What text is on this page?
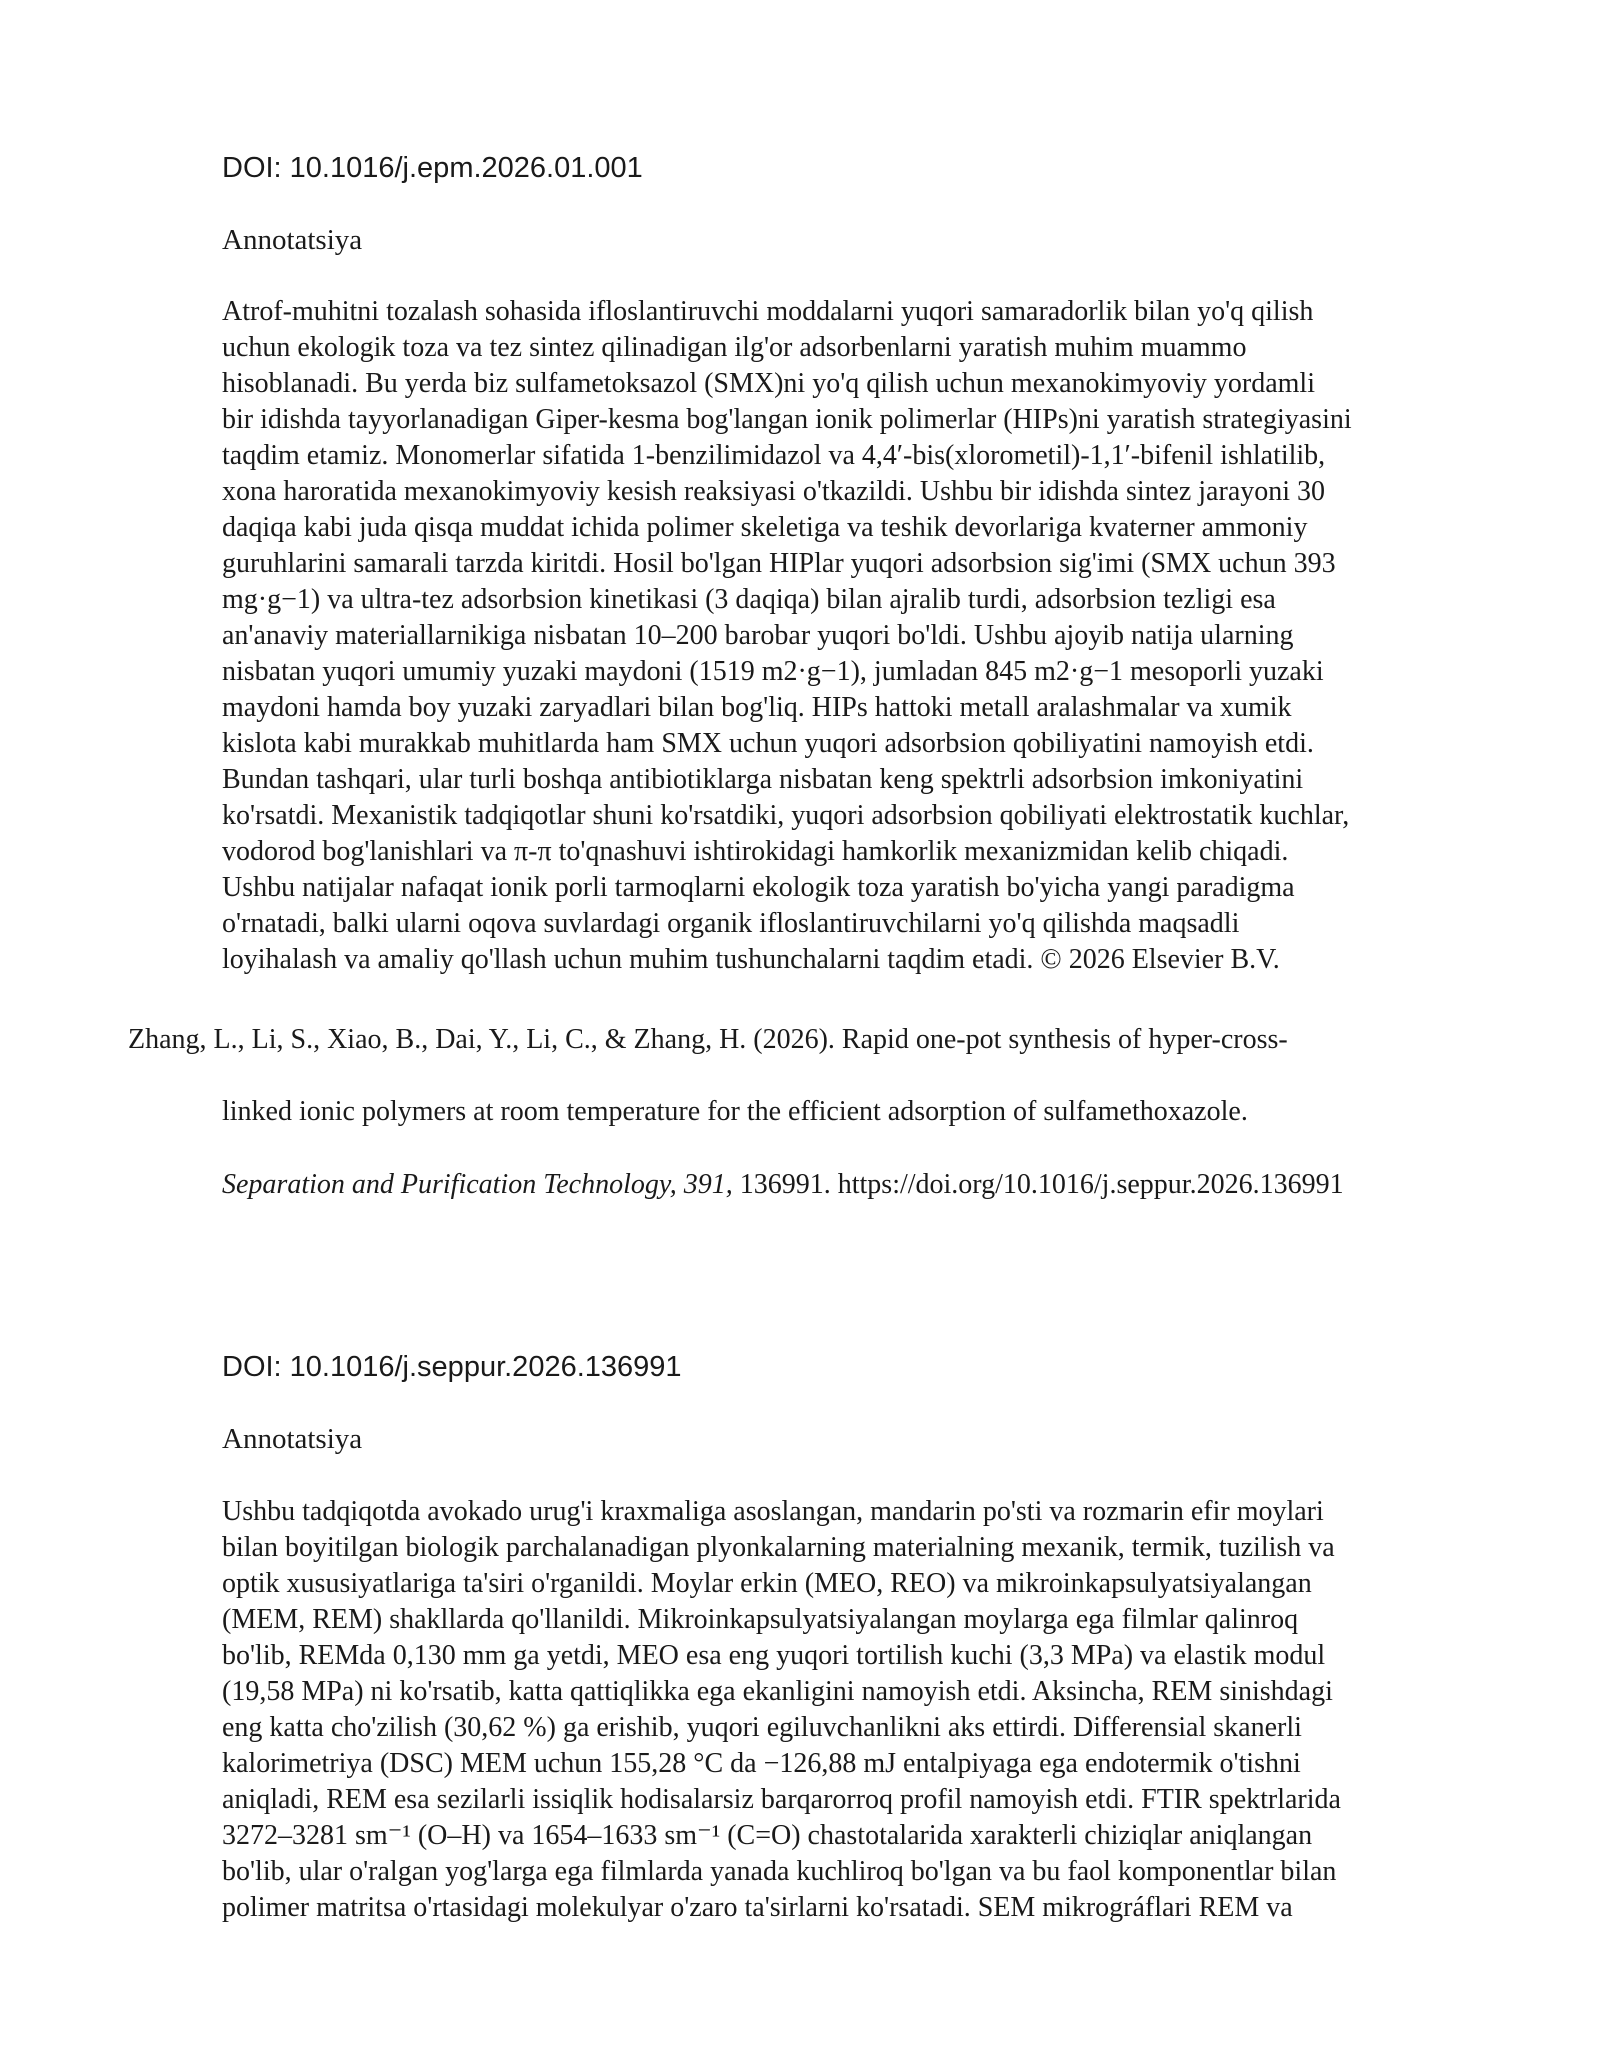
DOI: 10.1016/j.epm.2026.01.001
Annotatsiya
Atrof-muhitni tozalash sohasida ifloslantiruvchi moddalarni yuqori samaradorlik bilan yo'q qilish
uchun ekologik toza va tez sintez qilinadigan ilg'or adsorbenlarni yaratish muhim muammo
hisoblanadi. Bu yerda biz sulfametoksazol (SMX)ni yo'q qilish uchun mexanokimyoviy yordamli
bir idishda tayyorlanadigan Giper-kesma bog'langan ionik polimerlar (HIPs)ni yaratish strategiyasini
taqdim etamiz. Monomerlar sifatida 1-benzilimidazol va 4,4′-bis(xlorometil)-1,1′-bifenil ishlatilib,
xona haroratida mexanokimyoviy kesish reaksiyasi o'tkazildi. Ushbu bir idishda sintez jarayoni 30
daqiqa kabi juda qisqa muddat ichida polimer skeletiga va teshik devorlariga kvaterner ammoniy
guruhlarini samarali tarzda kiritdi. Hosil bo'lgan HIPlar yuqori adsorbsion sig'imi (SMX uchun 393
mg·g−1) va ultra-tez adsorbsion kinetikasi (3 daqiqa) bilan ajralib turdi, adsorbsion tezligi esa
an'anaviy materiallarnikiga nisbatan 10–200 barobar yuqori bo'ldi. Ushbu ajoyib natija ularning
nisbatan yuqori umumiy yuzaki maydoni (1519 m2·g−1), jumladan 845 m2·g−1 mesoporli yuzaki
maydoni hamda boy yuzaki zaryadlari bilan bog'liq. HIPs hattoki metall aralashmalar va xumik
kislota kabi murakkab muhitlarda ham SMX uchun yuqori adsorbsion qobiliyatini namoyish etdi.
Bundan tashqari, ular turli boshqa antibiotiklarga nisbatan keng spektrli adsorbsion imkoniyatini
ko'rsatdi. Mexanistik tadqiqotlar shuni ko'rsatdiki, yuqori adsorbsion qobiliyati elektrostatik kuchlar,
vodorod bog'lanishlari va π-π to'qnashuvi ishtirokidagi hamkorlik mexanizmidan kelib chiqadi.
Ushbu natijalar nafaqat ionik porli tarmoqlarni ekologik toza yaratish bo'yicha yangi paradigma
o'rnatadi, balki ularni oqova suvlardagi organik ifloslantiruvchilarni yo'q qilishda maqsadli
loyihalash va amaliy qo'llash uchun muhim tushunchalarni taqdim etadi. © 2026 Elsevier B.V.
Zhang, L., Li, S., Xiao, B., Dai, Y., Li, C., & Zhang, H. (2026). Rapid one-pot synthesis of hyper-cross-
linked ionic polymers at room temperature for the efficient adsorption of sulfamethoxazole.
Separation and Purification Technology, 391, 136991. https://doi.org/10.1016/j.seppur.2026.136991
DOI: 10.1016/j.seppur.2026.136991
Annotatsiya
Ushbu tadqiqotda avokado urug'i kraxmaliga asoslangan, mandarin po'sti va rozmarin efir moylari
bilan boyitilgan biologik parchalanadigan plyonkalarning materialning mexanik, termik, tuzilish va
optik xususiyatlariga ta'siri o'rganildi. Moylar erkin (MEO, REO) va mikroinkapsulyatsiyalangan
(MEM, REM) shakllarda qo'llanildi. Mikroinkapsulyatsiyalangan moylarga ega filmlar qalinroq
bo'lib, REMda 0,130 mm ga yetdi, MEO esa eng yuqori tortilish kuchi (3,3 MPa) va elastik modul
(19,58 MPa) ni ko'rsatib, katta qattiqlikka ega ekanligini namoyish etdi. Aksincha, REM sinishdagi
eng katta cho'zilish (30,62 %) ga erishib, yuqori egiluvchanlikni aks ettirdi. Differensial skanerli
kalorimetriya (DSC) MEM uchun 155,28 °C da −126,88 mJ entalpiyaga ega endotermik o'tishni
aniqladi, REM esa sezilarli issiqlik hodisalarsiz barqarorroq profil namoyish etdi. FTIR spektrlarida
3272–3281 sm⁻¹ (O–H) va 1654–1633 sm⁻¹ (C=O) chastotalarida xarakterli chiziqlar aniqlangan
bo'lib, ular o'ralgan yog'larga ega filmlarda yanada kuchliroq bo'lgan va bu faol komponentlar bilan
polimer matritsa o'rtasidagi molekulyar o'zaro ta'sirlarni ko'rsatadi. SEM mikrográflari REM va
